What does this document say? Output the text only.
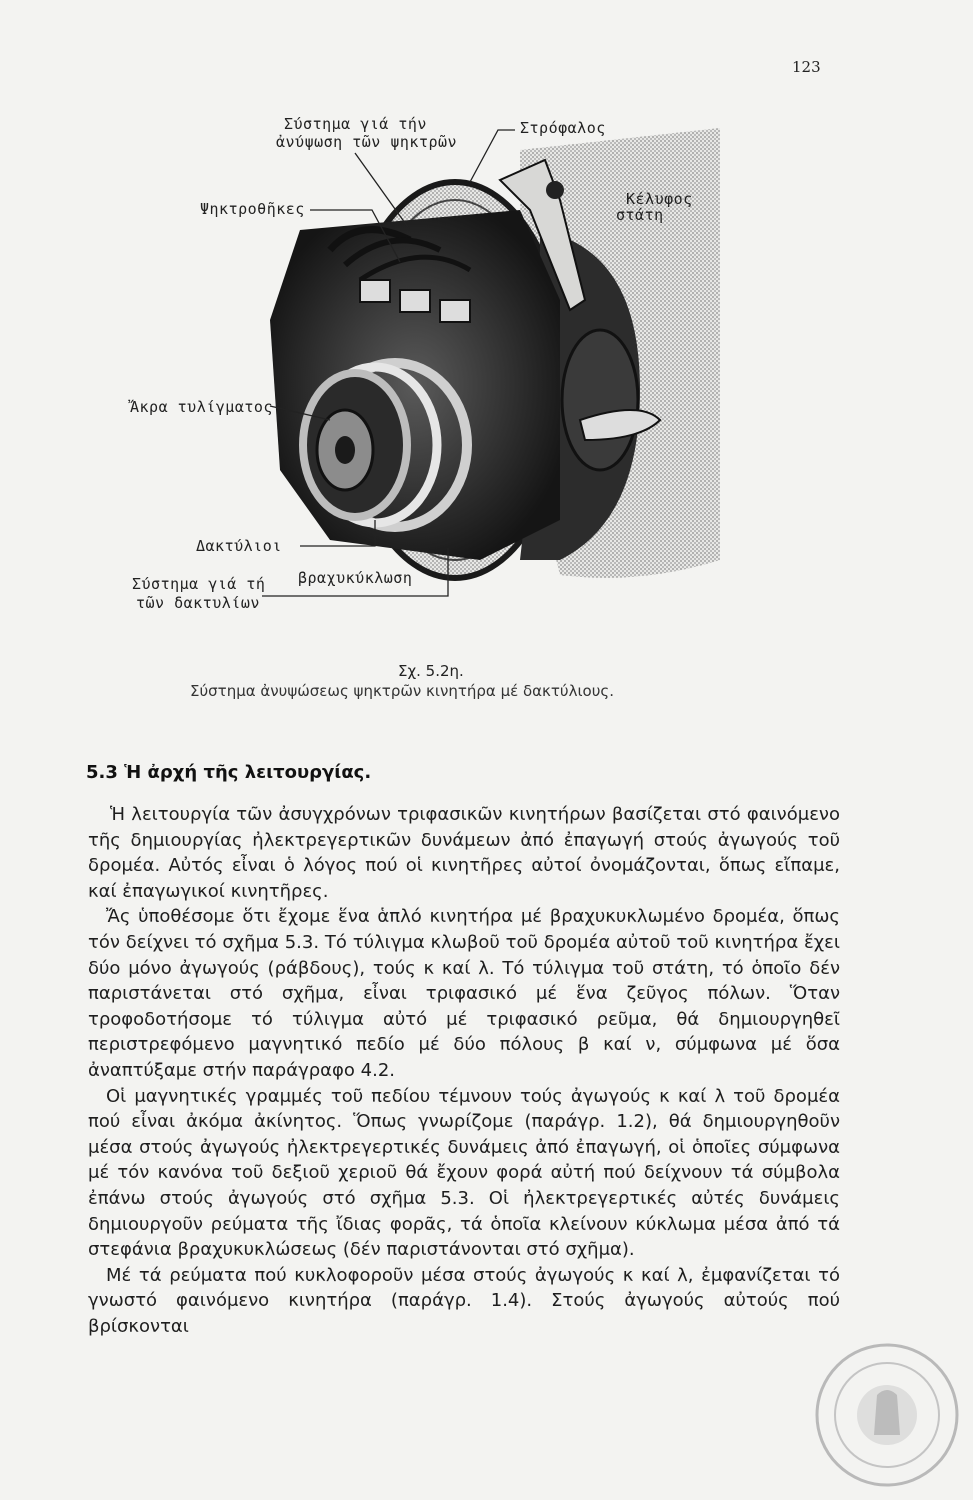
123
Σύστημα γιά τήν
ἀνύψωση τῶν ψηκτρῶν
Στρόφαλος
Ψηκτροθῆκες
Κέλυφος
στάτη
Ἄκρα τυλίγματος
Δακτύλιοι
Σύστημα γιά τή βραχυκύκλωση
τῶν δακτυλίων
Σχ. 5.2η.
Σύστημα ἀνυψώσεως ψηκτρῶν κινητήρα μέ δακτύλιους.
5.3 Ἡ ἀρχή τῆς λειτουργίας.

Ἡ λειτουργία τῶν ἀσυγχρόνων τριφασικῶν κινητήρων βασίζεται στό φαινόμενο τῆς δημιουργίας ἠλεκτρεγερτικῶν δυνάμεων ἀπό ἐπαγωγή στούς ἀγωγούς τοῦ δρομέα. Αὐτός εἶναι ὁ λόγος πού οἱ κινητῆρες αὐτοί ὀνομάζονται, ὅπως εἴπαμε, καί ἐπαγωγικοί κινητῆρες.

Ἄς ὑποθέσομε ὅτι ἔχομε ἕνα ἁπλό κινητήρα μέ βραχυκυκλωμένο δρομέα, ὅπως τόν δείχνει τό σχῆμα 5.3. Τό τύλιγμα κλωβοῦ τοῦ δρομέα αὐτοῦ τοῦ κινητήρα ἔχει δύο μόνο ἀγωγούς (ράβδους), τούς κ καί λ. Τό τύλιγμα τοῦ στάτη, τό ὁποῖο δέν παριστάνεται στό σχῆμα, εἶναι τριφασικό μέ ἕνα ζεῦγος πόλων. Ὅταν τροφοδοτήσομε τό τύλιγμα αὐτό μέ τριφασικό ρεῦμα, θά δημιουργηθεῖ περιστρεφόμενο μαγνητικό πεδίο μέ δύο πόλους β καί ν, σύμφωνα μέ ὅσα ἀναπτύξαμε στήν παράγραφο 4.2.

Οἱ μαγνητικές γραμμές τοῦ πεδίου τέμνουν τούς ἀγωγούς κ καί λ τοῦ δρομέα πού εἶναι ἀκόμα ἀκίνητος. Ὅπως γνωρίζομε (παράγρ. 1.2), θά δημιουργηθοῦν μέσα στούς ἀγωγούς ἠλεκτρεγερτικές δυνάμεις ἀπό ἐπαγωγή, οἱ ὁποῖες σύμφωνα μέ τόν κανόνα τοῦ δεξιοῦ χεριοῦ θά ἔχουν φορά αὐτή πού δείχνουν τά σύμβολα ἐπάνω στούς ἀγωγούς στό σχῆμα 5.3. Οἱ ἠλεκτρεγερτικές αὐτές δυνάμεις δημιουργοῦν ρεύματα τῆς ἴδιας φορᾶς, τά ὁποῖα κλείνουν κύκλωμα μέσα ἀπό τά στεφάνια βραχυκυκλώσεως (δέν παριστάνονται στό σχῆμα).

Μέ τά ρεύματα πού κυκλοφοροῦν μέσα στούς ἀγωγούς κ καί λ, ἐμφανίζεται τό γνωστό φαινόμενο κινητήρα (παράγρ. 1.4). Στούς ἀγωγούς αὐτούς πού βρίσκονται
